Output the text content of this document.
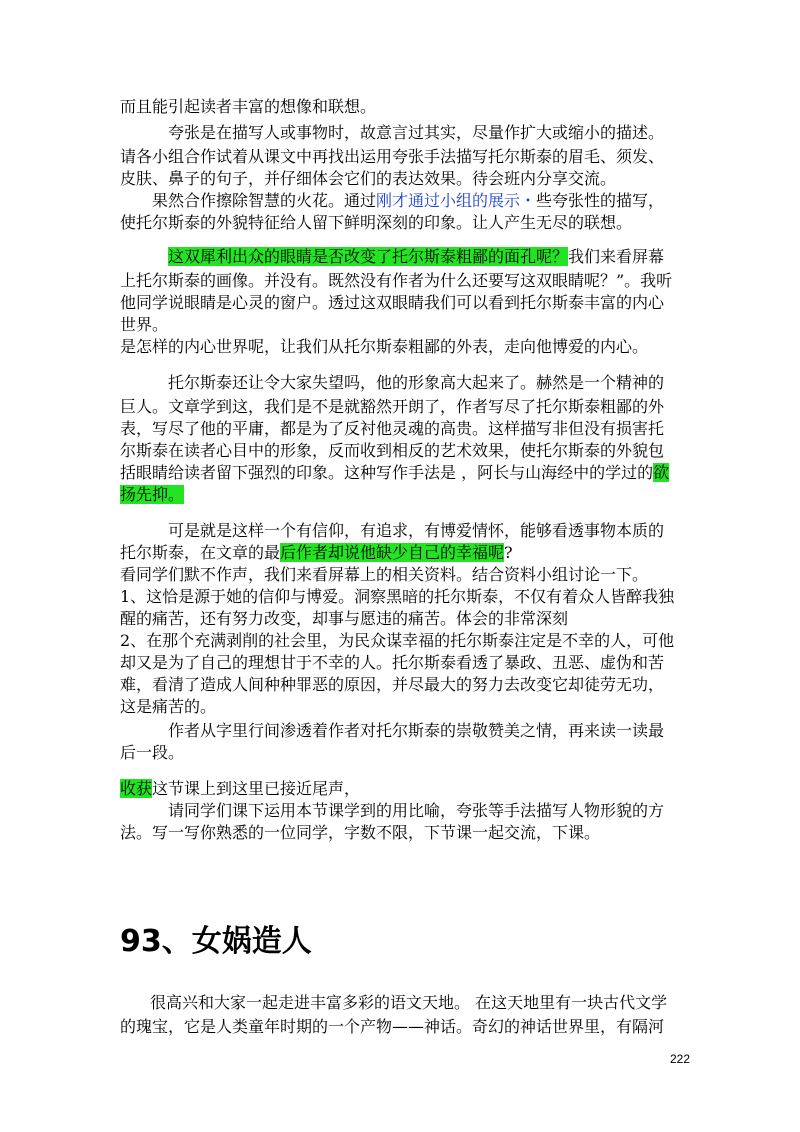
而且能引起读者丰富的想像和联想。
夸张是在描写人或事物时，故意言过其实，尽量作扩大或缩小的描述。
请各小组合作试着从课文中再找出运用夸张手法描写托尔斯泰的眉毛、须发、
皮肤、鼻子的句子，并仔细体会它们的表达效果。待会班内分享交流。
果然合作擦除智慧的火花。通过刚才通过小组的展示・些夸张性的描写，
使托尔斯泰的外貌特征给人留下鲜明深刻的印象。让人产生无尽的联想。
这双犀利出众的眼睛是否改变了托尔斯泰粗鄙的面孔呢？我们来看屏幕
上托尔斯泰的画像。并没有。既然没有作者为什么还要写这双眼睛呢？”。我听
他同学说眼睛是心灵的窗户。透过这双眼睛我们可以看到托尔斯泰丰富的内心
世界。
是怎样的内心世界呢，让我们从托尔斯泰粗鄙的外表，走向他博爱的内心。
托尔斯泰还让令大家失望吗，他的形象高大起来了。赫然是一个精神的
巨人。文章学到这，我们是不是就豁然开朗了，作者写尽了托尔斯泰粗鄙的外
表，写尽了他的平庸，都是为了反衬他灵魂的高贵。这样描写非但没有损害托
尔斯泰在读者心目中的形象，反而收到相反的艺术效果，使托尔斯泰的外貌包
括眼睛给读者留下强烈的印象。这种写作手法是 ，阿长与山海经中的学过的欲
扬先抑。
可是就是这样一个有信仰，有追求，有博爱情怀，能够看透事物本质的
托尔斯泰，在文章的最后作者却说他缺少自己的幸福呢?
看同学们默不作声，我们来看屏幕上的相关资料。结合资料小组讨论一下。
1、这恰是源于她的信仰与博爱。洞察黑暗的托尔斯泰，不仅有着众人皆醉我独
醒的痛苦，还有努力改变，却事与愿违的痛苦。体会的非常深刻
2、在那个充满剥削的社会里，为民众谋幸福的托尔斯泰注定是不幸的人，可他
却又是为了自己的理想甘于不幸的人。托尔斯泰看透了暴政、丑恶、虚伪和苦
难，看清了造成人间种种罪恶的原因，并尽最大的努力去改变它却徒劳无功，
这是痛苦的。
作者从字里行间渗透着作者对托尔斯泰的崇敬赞美之情，再来读一读最
后一段。
收获这节课上到这里已接近尾声，
请同学们课下运用本节课学到的用比喻，夸张等手法描写人物形貌的方
法。写一写你熟悉的一位同学，字数不限，下节课一起交流，下课。
93、女娲造人
很高兴和大家一起走进丰富多彩的语文天地。 在这天地里有一块古代文学
的瑰宝，它是人类童年时期的一个产物——神话。奇幻的神话世界里，有隔河
222
